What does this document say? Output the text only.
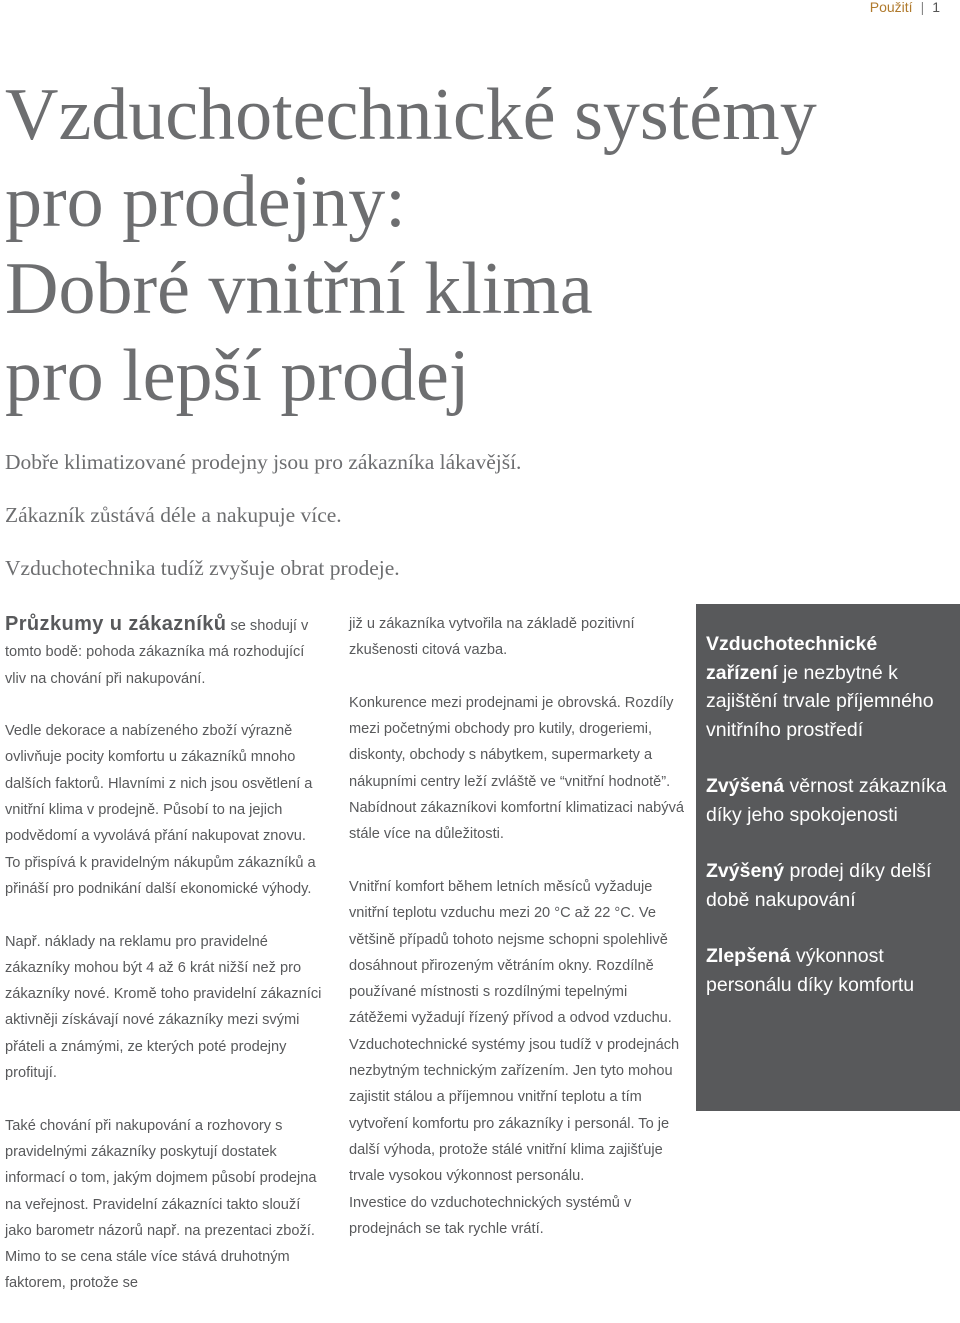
Použití | 1
Vzduchotechnické systémy
pro prodejny:
Dobré vnitřní klima
pro lepší prodej

Dobře klimatizované prodejny jsou pro zákazníka lákavější.

Zákazník zůstává déle a nakupuje více.

Vzduchotechnika tudíž zvyšuje obrat prodeje.

Průzkumy u zákazníků se shodují v tomto bodě: pohoda zákazníka má rozhodující vliv na chování při nakupování.

Vedle dekorace a nabízeného zboží výrazně ovlivňuje pocity komfortu u zákazníků mnoho dalších faktorů. Hlavními z nich jsou osvětlení a vnitřní klima v prodejně. Působí to na jejich podvědomí a vyvolává přání nakupovat znovu. To přispívá k pravidelným nákupům zákazníků a přináší pro podnikání další ekonomické výhody.

Např. náklady na reklamu pro pravidelné zákazníky mohou být 4 až 6 krát nižší než pro zákazníky nové. Kromě toho pravidelní zákazníci aktivněji získávají nové zákazníky mezi svými přáteli a známými, ze kterých poté prodejny profitují.

Také chování při nakupování a rozhovory s pravidelnými zákazníky poskytují dostatek informací o tom, jakým dojmem působí prodejna na veřejnost. Pravidelní zákazníci takto slouží jako barometr názorů např. na prezentaci zboží. Mimo to se cena stále více stává druhotným faktorem, protože se

již u zákazníka vytvořila na základě pozitivní zkušenosti citová vazba.

Konkurence mezi prodejnami je obrovská. Rozdíly mezi početnými obchody pro kutily, drogeriemi, diskonty, obchody s nábytkem, supermarkety a nákupními centry leží zvláště ve “vnitřní hodnotě”. Nabídnout zákazníkovi komfortní klimatizaci nabývá stále více na důležitosti.

Vnitřní komfort během letních měsíců vyžaduje vnitřní teplotu vzduchu mezi 20 °C až 22 °C. Ve většině případů tohoto nejsme schopni spolehlivě dosáhnout přirozeným větráním okny. Rozdílně používané místnosti s rozdílnými tepelnými zátěžemi vyžadují řízený přívod a odvod vzduchu.

Vzduchotechnické systémy jsou tudíž v prodejnách nezbytným technickým zařízením. Jen tyto mohou zajistit stálou a příjemnou vnitřní teplotu a tím vytvoření komfortu pro zákazníky i personál. To je další výhoda, protože stálé vnitřní klima zajišťuje trvale vysokou výkonnost personálu.

Investice do vzduchotechnických systémů v prodejnách se tak rychle vrátí.

Vzduchotechnické zařízení je nezbytné k zajištění trvale příjemného vnitřního prostředí

Zvýšená věrnost zákazníka díky jeho spokojenosti

Zvýšený prodej díky delší době nakupování

Zlepšená výkonnost personálu díky komfortu
